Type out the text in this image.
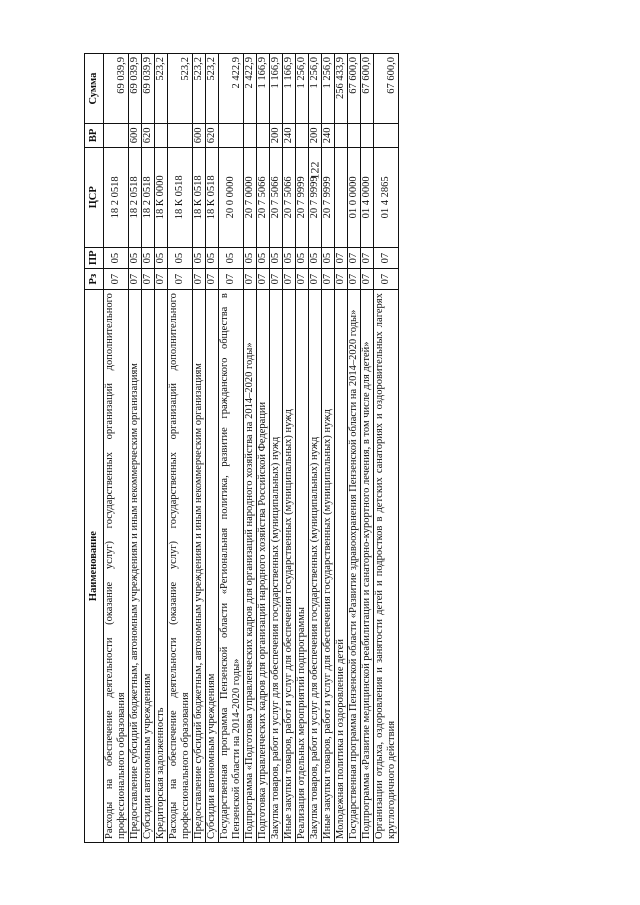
122
Наименование	Рз	ПР	ЦСР	ВР	Сумма
Расходы на обеспечение деятельности (оказание услуг) государственных организаций дополнительного профессионального образования	07	05	18 2 0518		69 039,9
Предоставление субсидий бюджетным, автономным учреждениям и иным некоммерческим организациям	07	05	18 2 0518	600	69 039,9
Субсидии автономным учреждениям	07	05	18 2 0518	620	69 039,9
Кредиторская задолженность	07	05	18 К 0000		523,2
Расходы на обеспечение деятельности (оказание услуг) государственных организаций дополнительного профессионального образования	07	05	18 К 0518		523,2
Предоставление субсидий бюджетным, автономным учреждениям и иным некоммерческим организациям	07	05	18 К 0518	600	523,2
Субсидии автономным учреждениям	07	05	18 К 0518	620	523,2
Государственная программа Пензенской области «Региональная политика, развитие гражданского общества в Пензенской области на 2014-2020 годы»	07	05	20 0 0000		2 422,9
Подпрограмма «Подготовка управленческих кадров для организаций народного хозяйства на 2014–2020 годы»	07	05	20 7 0000		2 422,9
Подготовка управленческих кадров для организаций народного хозяйства Российской Федерации	07	05	20 7 5066		1 166,9
Закупка товаров, работ и услуг для обеспечения государственных (муниципальных) нужд	07	05	20 7 5066	200	1 166,9
Иные закупки товаров, работ и услуг для обеспечения государственных (муниципальных) нужд	07	05	20 7 5066	240	1 166,9
Реализация отдельных мероприятий подпрограммы	07	05	20 7 9999		1 256,0
Закупка товаров, работ и услуг для обеспечения государственных (муниципальных) нужд	07	05	20 7 9999	200	1 256,0
Иные закупки товаров, работ и услуг для обеспечения государственных (муниципальных) нужд	07	05	20 7 9999	240	1 256,0
Молодежная политика и оздоровление детей	07	07			256 433,9
Государственная программа Пензенской области «Развитие здравоохранения Пензенской области на 2014–2020 годы»	07	07	01 0 0000		67 600,0
Подпрограмма «Развитие медицинской реабилитации и санаторно-курортного лечения, в том числе для детей»	07	07	01 4 0000		67 600,0
Организации отдыха, оздоровления и занятости детей и подростков в детских санаториях и оздоровительных лагерях круглогодичного действия	07	07	01 4 2865		67 600,0
